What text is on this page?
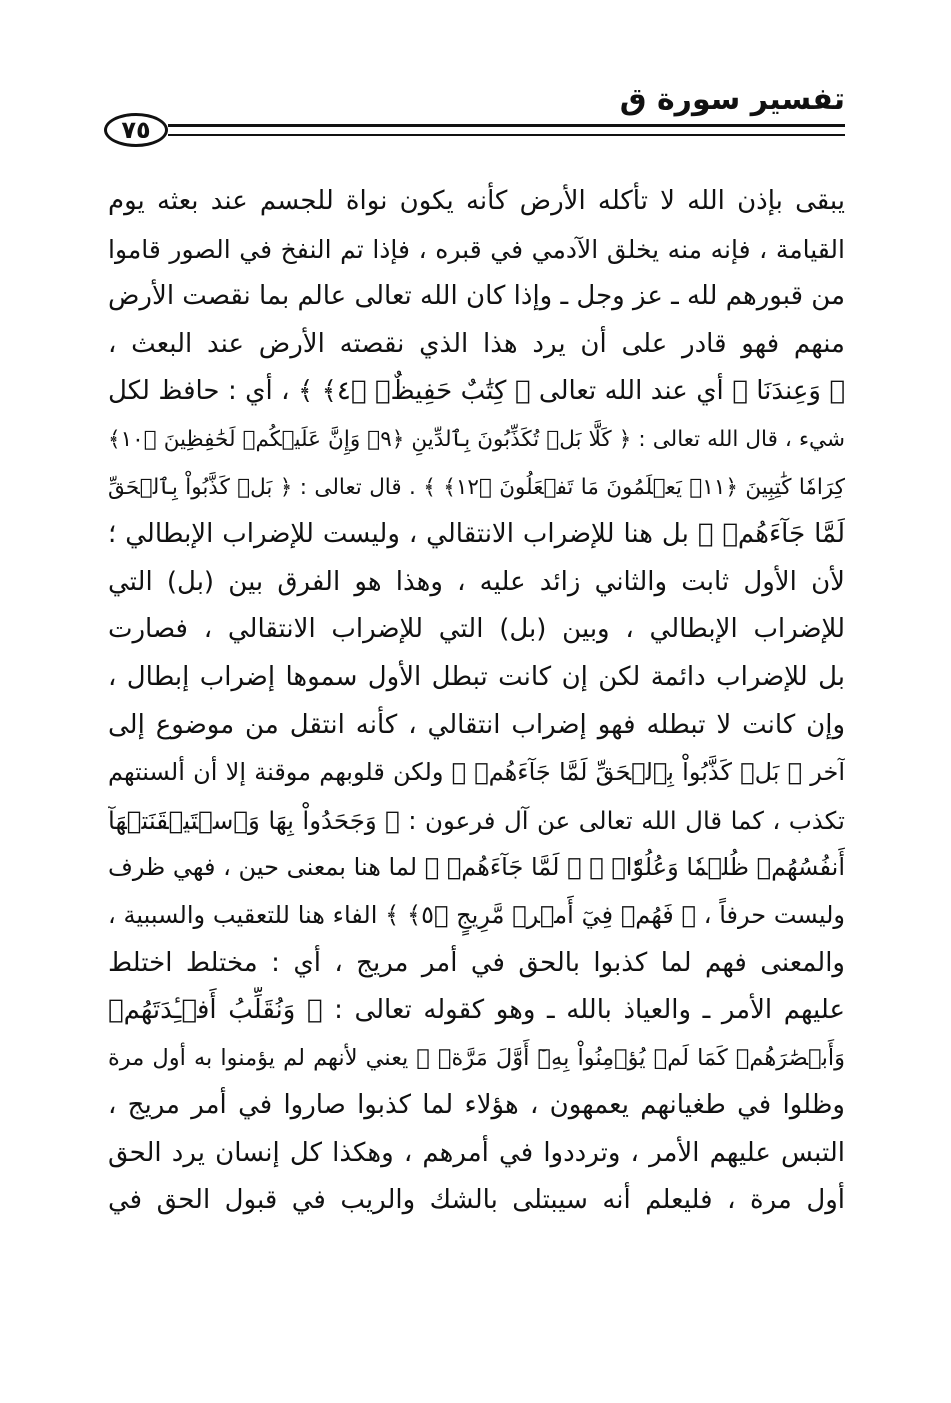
تفسير سورة ق
٧٥
يبقى بإذن الله لا تأكله الأرض كأنه يكون نواة للجسم عند بعثه يوم
القيامة ، فإنه منه يخلق الآدمي في قبره ، فإذا تم النفخ في الصور قاموا
من قبورهم لله ـ عز وجل ـ وإذا كان الله تعالى عالم بما نقصت الأرض
منهم فهو قادر على أن يرد هذا الذي نقصته الأرض عند البعث ،
﴿ وَعِندَنَا ﴾ أي عند الله تعالى ﴿ كِتَٰبٌ حَفِيظٌۢ ﴿٤﴾ ﴾ ، أي : حافظ لكل
شيء ، قال الله تعالى : ﴿ كَلَّا بَلۡ تُكَذِّبُونَ بِٱلدِّينِ ﴿٩﴾ وَإِنَّ عَلَيۡكُمۡ لَحَٰفِظِينَ ﴿١٠﴾
كِرَامٗا كَٰتِبِينَ ﴿١١﴾ يَعۡلَمُونَ مَا تَفۡعَلُونَ ﴿١٢﴾ ﴾ . قال تعالى : ﴿ بَلۡ كَذَّبُواْ بِٱلۡحَقِّ
لَمَّا جَآءَهُمۡ ﴾ بل هنا للإضراب الانتقالي ، وليست للإضراب الإبطالي ؛
لأن الأول ثابت والثاني زائد عليه ، وهذا هو الفرق بين (بل) التي
للإضراب الإبطالي ، وبين (بل) التي للإضراب الانتقالي ، فصارت
بل للإضراب دائمة لكن إن كانت تبطل الأول سموها إضراب إبطال ،
وإن كانت لا تبطله فهو إضراب انتقالي ، كأنه انتقل من موضوع إلى
آخر ﴿ بَلۡ كَذَّبُواْ بِٱلۡحَقِّ لَمَّا جَآءَهُمۡ ﴾ ولكن قلوبهم موقنة إلا أن ألسنتهم
تكذب ، كما قال الله تعالى عن آل فرعون : ﴿ وَجَحَدُواْ بِهَا وَٱسۡتَيۡقَنَتۡهَآ
أَنفُسُهُمۡ ظُلۡمٗا وَعُلُوّٗاۚ ﴾ ﴿ لَمَّا جَآءَهُمۡ ﴾ لما هنا بمعنى حين ، فهي ظرف
وليست حرفاً ، ﴿ فَهُمۡ فِيٓ أَمۡرٖ مَّرِيجٍ ﴿٥﴾ ﴾ الفاء هنا للتعقيب والسببية ،
والمعنى فهم لما كذبوا بالحق في أمر مريج ، أي : مختلط اختلط
عليهم الأمر ـ والعياذ بالله ـ وهو كقوله تعالى : ﴿ وَنُقَلِّبُ أَفۡـِٔدَتَهُمۡ
وَأَبۡصَٰرَهُمۡ كَمَا لَمۡ يُؤۡمِنُواْ بِهِۦٓ أَوَّلَ مَرَّةٖ ﴾ يعني لأنهم لم يؤمنوا به أول مرة
وظلوا في طغيانهم يعمهون ، هؤلاء لما كذبوا صاروا في أمر مريج ،
التبس عليهم الأمر ، وترددوا في أمرهم ، وهكذا كل إنسان يرد الحق
أول مرة ، فليعلم أنه سيبتلى بالشك والريب في قبول الحق في
